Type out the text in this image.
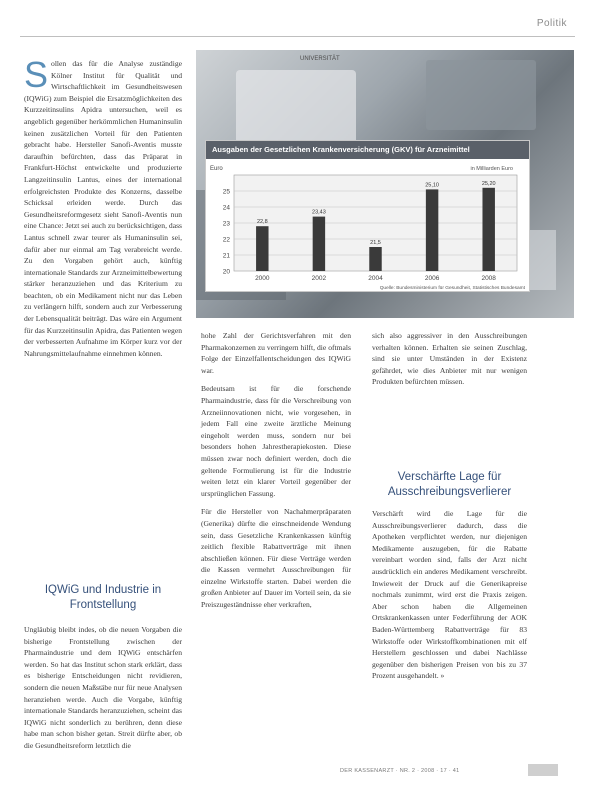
Politik
UNIVERSITÄT
Ausgaben der Gesetzlichen Krankenversicherung (GKV) für Arzneimittel
20
21
22
23
24
25
Euro	in Milliarden Euro
22,8
2000
23,43
2002
21,5
2004
25,10
2006
25,20
2008
Quelle: Bundesministerium für Gesundheit, Statistisches Bundesamt
S ollen das für die Analyse zuständige Kölner Institut für Qualität und Wirtschaftlichkeit im Gesundheitswesen (IQWiG) zum Beispiel die Ersatzmöglichkeiten des Kurzzeitinsulins Apidra untersuchen, weil es angeblich gegenüber herkömmlichen Humaninsulin keinen zusätzlichen Vorteil für den Patienten gebracht habe. Hersteller Sanofi-Aventis musste daraufhin befürchten, dass das Präparat in Frankfurt-Höchst entwickelte und produzierte Langzeitinsulin Lantus, eines der international erfolgreichsten Produkte des Konzerns, dasselbe Schicksal erleiden werde. Durch das Gesundheitsreformgesetz sieht Sanofi-Aventis nun eine Chance: Jetzt sei auch zu berücksichtigen, dass Lantus schnell zwar teurer als Humaninsulin sei, dafür aber nur einmal am Tag verabreicht werde. Zu den Vorgaben gehört auch, künftig internationale Standards zur Arzneimittelbewertung stärker heranzuziehen und das Kriterium zu beachten, ob ein Medikament nicht nur das Leben zu verlängern hilft, sondern auch zur Verbesserung der Lebensqualität beiträgt. Das wäre ein Argument für das Kurzzeitinsulin Apidra, das Patienten wegen der verbesserten Aufnahme im Körper kurz vor der Nahrungsmittelaufnahme einnehmen können.

IQWiG und Industrie in Frontstellung

Ungläubig bleibt indes, ob die neuen Vorgaben die bisherige Frontstellung zwischen der Pharmaindustrie und dem IQWiG entschärfen werden. So hat das Institut schon stark erklärt, dass es bisherige Entscheidungen nicht revidieren, sondern die neuen Maßstäbe nur für neue Analysen heranziehen werde. Auch die Vorgabe, künftig internationale Standards heranzuziehen, scheint das IQWiG nicht sonderlich zu berühren, denn diese habe man schon bisher getan. Streit dürfte aber, ob die Gesundheitsreform letztlich die

hohe Zahl der Gerichtsverfahren mit den Pharmakonzernen zu verringern hilft, die oftmals Folge der Einzelfallentscheidungen des IQWiG war.

Bedeutsam ist für die forschende Pharmaindustrie, dass für die Verschreibung von Arzneiinnovationen nicht, wie vorgesehen, in jedem Fall eine zweite ärztliche Meinung eingeholt werden muss, sondern nur bei besonders hohen Jahrestherapiekosten. Diese müssen zwar noch definiert werden, doch die geltende Formulierung ist für die Industrie weiten letzt ein klarer Vorteil gegenüber der ursprünglichen Fassung.

Für die Hersteller von Nachahmerpräparaten (Generika) dürfte die einschneidende Wendung sein, dass Gesetzliche Krankenkassen künftig zeitlich flexible Rabattverträge mit ihnen abschließen können. Für diese Verträge werden die Kassen vermehrt Ausschreibungen für einzelne Wirkstoffe starten. Dabei werden die großen Anbieter auf Dauer im Vorteil sein, da sie Preiszugeständnisse eher verkraften,

sich also aggressiver in den Ausschreibungen verhalten können. Erhalten sie seinen Zuschlag, sind sie unter Umständen in der Existenz gefährdet, wie dies Anbieter mit nur wenigen Produkten befürchten müssen.

Verschärfte Lage für Ausschreibungsverlierer

Verschärft wird die Lage für die Ausschreibungsverlierer dadurch, dass die Apotheken verpflichtet werden, nur diejenigen Medikamente auszugeben, für die Rabatte vereinbart worden sind, falls der Arzt nicht ausdrücklich ein anderes Medikament verschreibt. Inwieweit der Druck auf die Generikapreise nochmals zunimmt, wird erst die Praxis zeigen. Aber schon haben die Allgemeinen Ortskrankenkassen unter Federführung der AOK Baden-Württemberg Rabattverträge für 83 Wirkstoffe oder Wirkstoffkombinationen mit elf Herstellern geschlossen und dabei Nachlässe gegenüber den bisherigen Preisen von bis zu 37 Prozent ausgehandelt. »

DER KASSENARZT · NR. 2 · 2008 · 17 · 41
